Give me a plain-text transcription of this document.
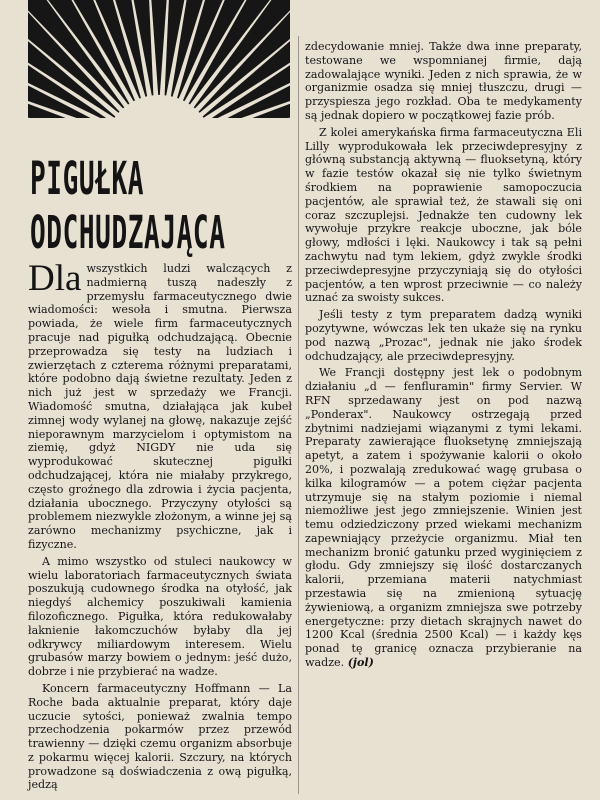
PIGUŁKA
ODCHUDZAJĄCA

Dla wszystkich ludzi walczących z nadmierną tuszą nadeszły z przemysłu farmaceutycznego dwie wiadomości: wesoła i smutna. Pierwsza powiada, że wiele firm farmaceutycznych pracuje nad pigułką odchudzającą. Obecnie przeprowadza się testy na ludziach i zwierzętach z czterema różnymi preparatami, które podobno dają świetne rezultaty. Jeden z nich już jest w sprzedaży we Francji. Wiadomość smutna, działająca jak kubeł zimnej wody wylanej na głowę, nakazuje zejść nieporawnym marzycielom i optymistom na ziemię, gdyż NIGDY nie uda się wyprodukować skutecznej pigułki odchudzającej, która nie miałaby przykrego, często groźnego dla zdrowia i życia pacjenta, działania ubocznego. Przyczyny otyłości są problemem niezwykle złożonym, a winne jej są zarówno mechanizmy psychiczne, jak i fizyczne.

A mimo wszystko od stuleci naukowcy w wielu laboratoriach farmaceutycznych świata poszukują cudownego środka na otyłość, jak niegdyś alchemicy poszukiwali kamienia filozoficznego. Pigułka, która redukowałaby łaknienie łakomczuchów byłaby dla jej odkrywcy miliardowym interesem. Wielu grubasów marzy bowiem o jednym: jeść dużo, dobrze i nie przybierać na wadze.

Koncern farmaceutyczny Hoffmann — La Roche bada aktualnie preparat, który daje uczucie sytości, ponieważ zwalnia tempo przechodzenia pokarmów przez przewód trawienny — dzięki czemu organizm absorbuje z pokarmu więcej kalorii. Szczury, na których prowadzone są doświadczenia z ową pigułką, jedzą

zdecydowanie mniej. Także dwa inne preparaty, testowane we wspomnianej firmie, dają zadowalające wyniki. Jeden z nich sprawia, że w organizmie osadza się mniej tłuszczu, drugi — przyspiesza jego rozkład. Oba te medykamenty są jednak dopiero w początkowej fazie prób.

Z kolei amerykańska firma farmaceutyczna Eli Lilly wyprodukowała lek przeciwdepresyjny z główną substancją aktywną — fluoksetyną, który w fazie testów okazał się nie tylko świetnym środkiem na poprawienie samopoczucia pacjentów, ale sprawiał też, że stawali się oni coraz szczuplejsi. Jednakże ten cudowny lek wywołuje przykre reakcje uboczne, jak bóle głowy, mdłości i lęki. Naukowcy i tak są pełni zachwytu nad tym lekiem, gdyż zwykle środki przeciwdepresyjne przyczyniają się do otyłości pacjentów, a ten wprost przeciwnie — co należy uznać za swoisty sukces.

Jeśli testy z tym preparatem dadzą wyniki pozytywne, wówczas lek ten ukaże się na rynku pod nazwą „Prozac", jednak nie jako środek odchudzający, ale przeciwdepresyjny.

We Francji dostępny jest lek o podobnym działaniu „d — fenfluramin" firmy Servier. W RFN sprzedawany jest on pod nazwą „Ponderax". Naukowcy ostrzegają przed zbytnimi nadziejami wiązanymi z tymi lekami. Preparaty zawierające fluoksetynę zmniejszają apetyt, a zatem i spożywanie kalorii o około 20%, i pozwalają zredukować wagę grubasa o kilka kilogramów — a potem ciężar pacjenta utrzymuje się na stałym poziomie i niemal niemożliwe jest jego zmniejszenie. Winien jest temu odziedziczony przed wiekami mechanizm zapewniający przeżycie organizmu. Miał ten mechanizm bronić gatunku przed wyginięciem z głodu. Gdy zmniejszy się ilość dostarczanych kalorii, przemiana materii natychmiast przestawia się na zmienioną sytuację żywieniową, a organizm zmniejsza swe potrzeby energetyczne: przy dietach skrajnych nawet do 1200 Kcal (średnia 2500 Kcal) — i każdy kęs ponad tę granicę oznacza przybieranie na wadze. (jol)
